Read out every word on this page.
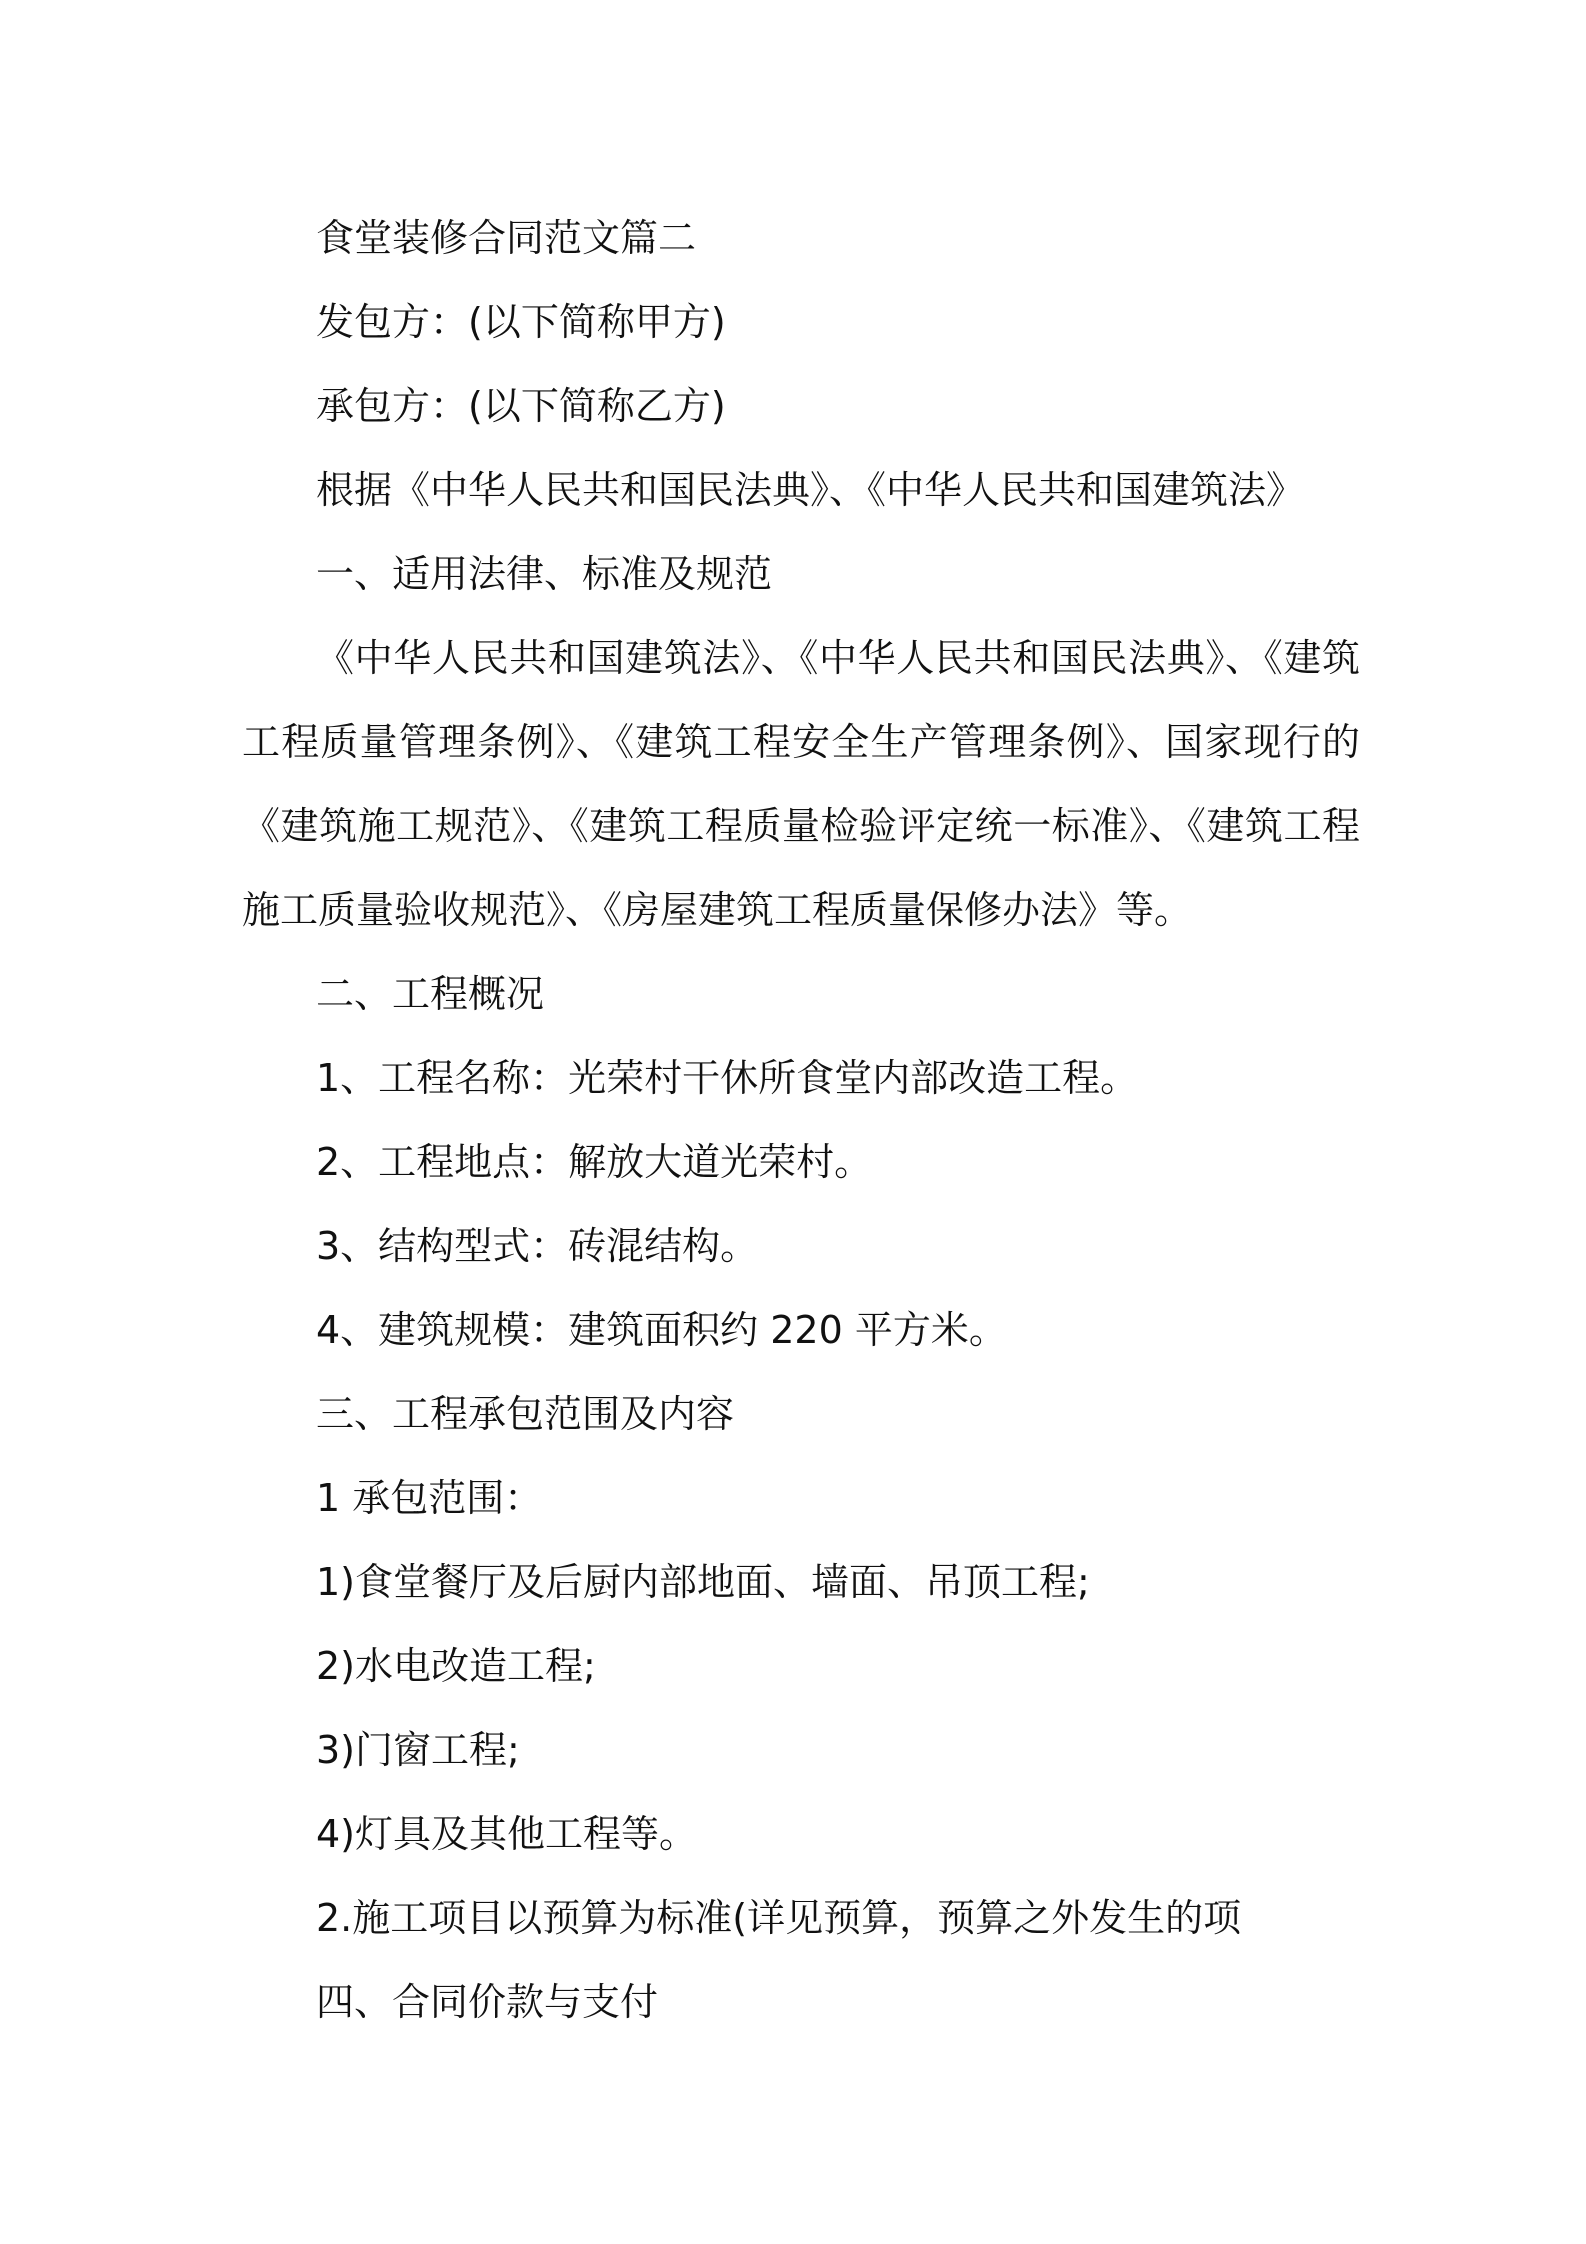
食堂装修合同范文篇二
发包方：(以下简称甲方)
承包方：(以下简称乙方)
根据《中华人民共和国民法典》、《中华人民共和国建筑法》
一、适用法律、标准及规范

《中华人民共和国建筑法》、《中华人民共和国民法典》、《建筑工程质量管理条例》、《建筑工程安全生产管理条例》、国家现行的《建筑施工规范》、《建筑工程质量检验评定统一标准》、《建筑工程施工质量验收规范》、《房屋建筑工程质量保修办法》等。

二、工程概况
1、工程名称：光荣村干休所食堂内部改造工程。
2、工程地点：解放大道光荣村。
3、结构型式：砖混结构。
4、建筑规模：建筑面积约 220 平方米。
三、工程承包范围及内容
1 承包范围：
1)食堂餐厅及后厨内部地面、墙面、吊顶工程;
2)水电改造工程;
3)门窗工程;
4)灯具及其他工程等。
2.施工项目以预算为标准(详见预算，预算之外发生的项
四、合同价款与支付
